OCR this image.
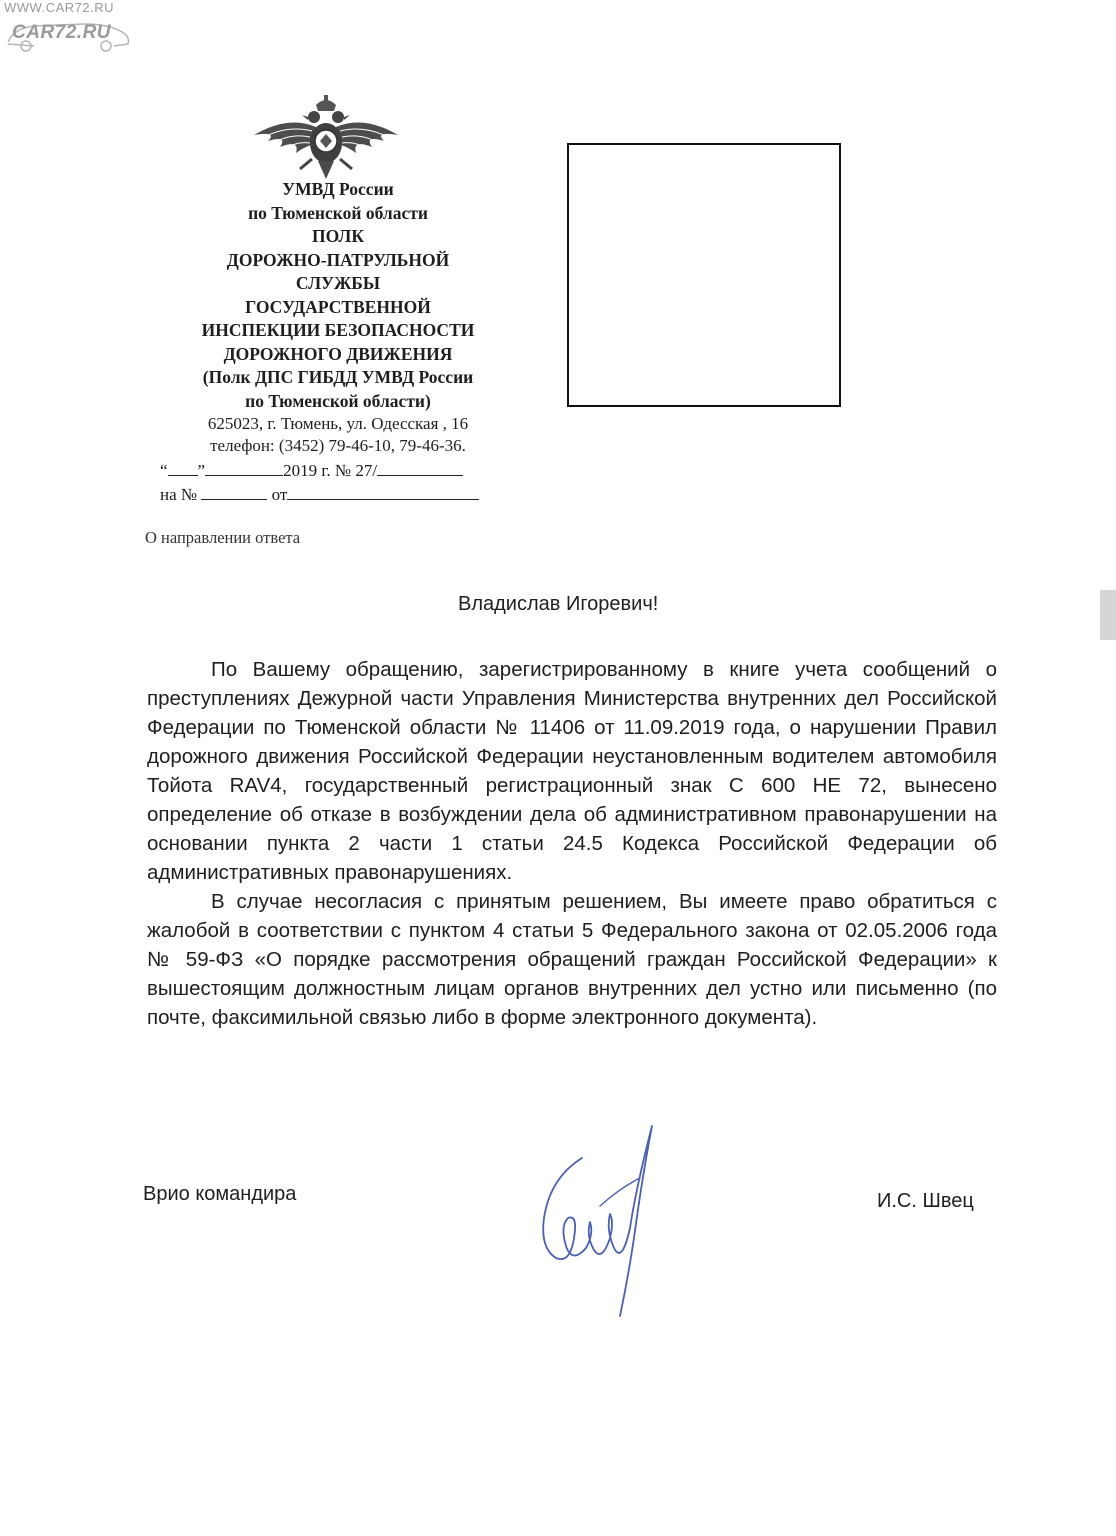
WWW.CAR72.RU
CAR72.RU
УМВД России
по Тюменской области
ПОЛК
ДОРОЖНО-ПАТРУЛЬНОЙ
СЛУЖБЫ
ГОСУДАРСТВЕННОЙ
ИНСПЕКЦИИ БЕЗОПАСНОСТИ
ДОРОЖНОГО ДВИЖЕНИЯ
(Полк ДПС ГИБДД УМВД России
по Тюменской области)
625023, г. Тюмень, ул. Одесская , 16
телефон: (3452) 79-46-10, 79-46-36.
“ ”	2019 г. № 27/
на №	от
О направлении ответа
Владислав Игоревич!

По Вашему обращению, зарегистрированному в книге учета сообщений о преступлениях Дежурной части Управления Министерства внутренних дел Российской Федерации по Тюменской области № 11406 от 11.09.2019 года, о нарушении Правил дорожного движения Российской Федерации неустановленным водителем автомобиля Тойота RAV4, государственный регистрационный знак С 600 НЕ 72, вынесено определение об отказе в возбуждении дела об административном правонарушении на основании пункта 2 части 1 статьи 24.5 Кодекса Российской Федерации об административных правонарушениях.

В случае несогласия с принятым решением, Вы имеете право обратиться с жалобой в соответствии с пунктом 4 статьи 5 Федерального закона от 02.05.2006 года № 59-ФЗ «О порядке рассмотрения обращений граждан Российской Федерации» к вышестоящим должностным лицам органов внутренних дел устно или письменно (по почте, факсимильной связью либо в форме электронного документа).

Врио командира	И.С. Швец
